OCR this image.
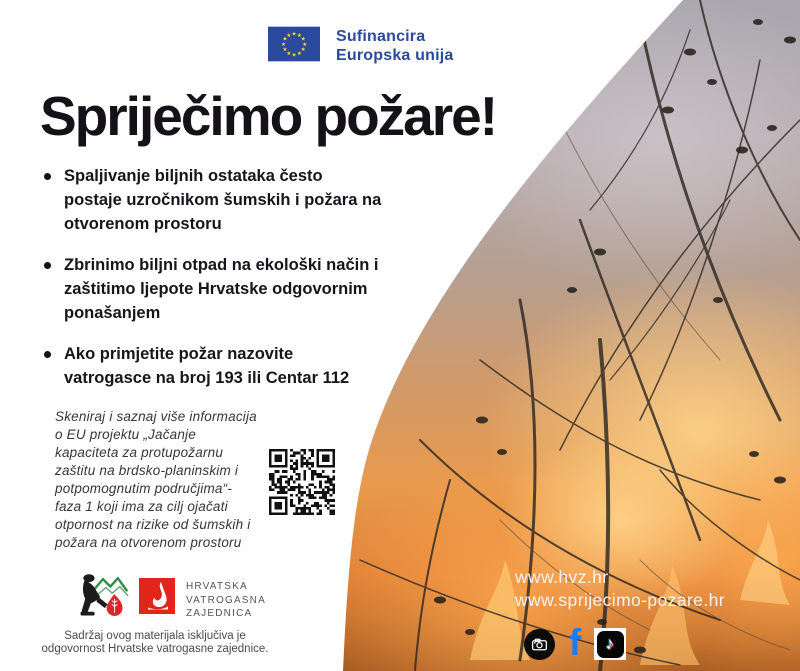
★ ★
★
★
★
★
★
★
★
★
★
★	Sufinancira
Europska unija
Spriječimo požare!
Spaljivanje biljnih ostataka često
postaje uzročnikom šumskih i požara na
otvorenom prostoru
Zbrinimo biljni otpad na ekološki način i
zaštitimo ljepote Hrvatske odgovornim
ponašanjem
Ako primjetite požar nazovite
vatrogasce na broj 193 ili Centar 112

Skeniraj i saznaj više informacija
o EU projektu „Jačanje
kapaciteta za protupožarnu
zaštitu na brdsko-planinskim i
potpomognutim područjima“-
faza 1 koji ima za cilj ojačati
otpornost na rizike od šumskih i
požara na otvorenom prostoru

HRVATSKA
VATROGASNA
ZAJEDNICA

Sadržaj ovog materijala isključiva je
odgovornost Hrvatske vatrogasne zajednice.

www.hvz.hr
www.sprijecimo-pozare.hr
f	♪
